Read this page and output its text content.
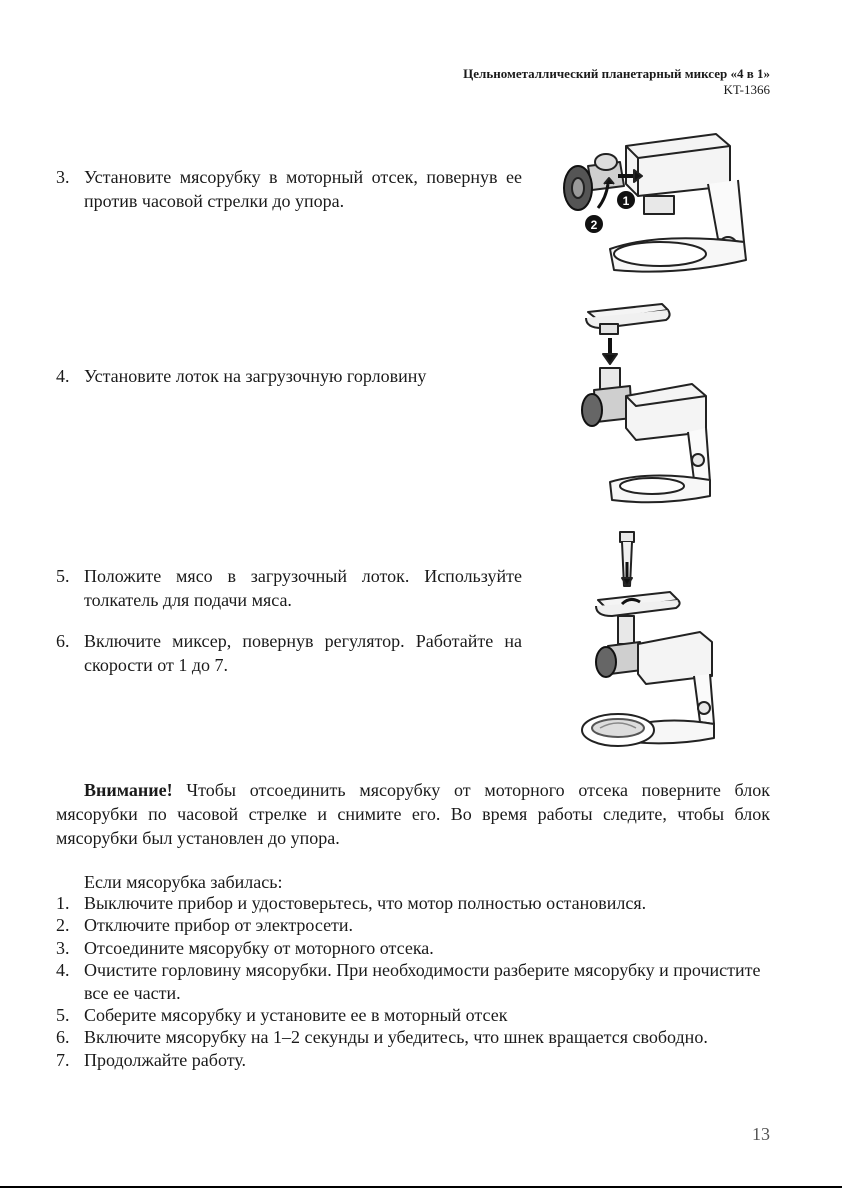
Цельнометаллический планетарный миксер «4 в 1»
KT-1366

3. Установите мясорубку в моторный отсек, повернув ее против часовой стрелки до упора.	1
2

4. Установите лоток на загрузочную горловину

5. Положите мясо в загрузочный лоток. Используйте толкатель для подачи мяса.

6. Включите миксер, повернув регулятор. Работайте на скорости от 1 до 7.

Внимание! Чтобы отсоединить мясорубку от моторного отсека поверните блок мясорубки по часовой стрелке и снимите его. Во время работы следите, чтобы блок мясорубки был установлен до упора.

Если мясорубка забилась:

1. Выключите прибор и удостоверьтесь, что мотор полностью остановился.
2. Отключите прибор от электросети.
3. Отсоедините мясорубку от моторного отсека.
4. Очистите горловину мясорубки. При необходимости разберите мясорубку и прочистите все ее части.
5. Соберите мясорубку и установите ее в моторный отсек
6. Включите мясорубку на 1–2 секунды и убедитесь, что шнек вращается свободно.
7. Продолжайте работу.
13
